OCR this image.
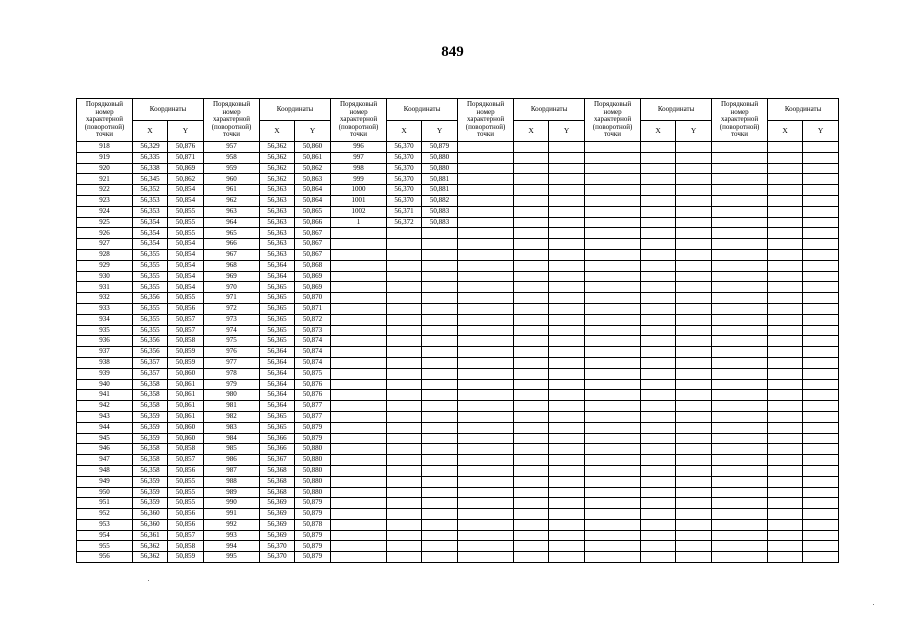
849
Порядковый номер характерной (поворотной) точки	Координаты		Порядковый номер характерной (поворотной) точки	Координаты		Порядковый номер характерной (поворотной) точки	Координаты		Порядковый номер характерной (поворотной) точки	Координаты		Порядковый номер характерной (поворотной) точки	Координаты		Порядковый номер характерной (поворотной) точки	Координаты	
	X	Y		X	Y		X	Y		X	Y		X	Y		X	Y
918	56,329	50,876	957	56,362	50,860	996	56,370	50,879									
919	56,335	50,871	958	56,362	50,861	997	56,370	50,880									
920	56,338	50,869	959	56,362	50,862	998	56,370	50,880									
921	56,345	50,862	960	56,362	50,863	999	56,370	50,881									
922	56,352	50,854	961	56,363	50,864	1000	56,370	50,881									
923	56,353	50,854	962	56,363	50,864	1001	56,370	50,882									
924	56,353	50,855	963	56,363	50,865	1002	56,371	50,883									
925	56,354	50,855	964	56,363	50,866	1	56,372	50,883									
926	56,354	50,855	965	56,363	50,867												
927	56,354	50,854	966	56,363	50,867												
928	56,355	50,854	967	56,363	50,867												
929	56,355	50,854	968	56,364	50,868												
930	56,355	50,854	969	56,364	50,869												
931	56,355	50,854	970	56,365	50,869												
932	56,356	50,855	971	56,365	50,870												
933	56,355	50,856	972	56,365	50,871												
934	56,355	50,857	973	56,365	50,872												
935	56,355	50,857	974	56,365	50,873												
936	56,356	50,858	975	56,365	50,874												
937	56,356	50,859	976	56,364	50,874												
938	56,357	50,859	977	56,364	50,874												
939	56,357	50,860	978	56,364	50,875												
940	56,358	50,861	979	56,364	50,876												
941	56,358	50,861	980	56,364	50,876												
942	56,358	50,861	981	56,364	50,877												
943	56,359	50,861	982	56,365	50,877												
944	56,359	50,860	983	56,365	50,879												
945	56,359	50,860	984	56,366	50,879												
946	56,358	50,858	985	56,366	50,880												
947	56,358	50,857	986	56,367	50,880												
948	56,358	50,856	987	56,368	50,880												
949	56,359	50,855	988	56,368	50,880												
950	56,359	50,855	989	56,368	50,880												
951	56,359	50,855	990	56,369	50,879												
952	56,360	50,856	991	56,369	50,879												
953	56,360	50,856	992	56,369	50,878												
954	56,361	50,857	993	56,369	50,879												
955	56,362	50,858	994	56,370	50,879												
956	56,362	50,859	995	56,370	50,879												
